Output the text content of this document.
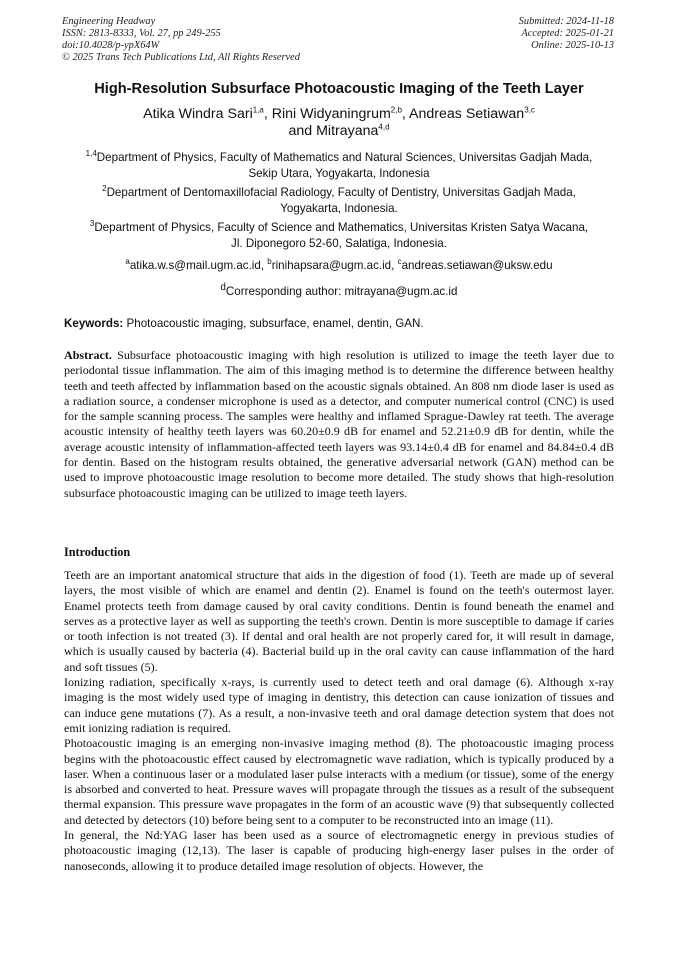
Engineering Headway
ISSN: 2813-8333, Vol. 27, pp 249-255
doi:10.4028/p-ypX64W
© 2025 Trans Tech Publications Ltd, All Rights Reserved
Submitted: 2024-11-18
Accepted: 2025-01-21
Online: 2025-10-13
High-Resolution Subsurface Photoacoustic Imaging of the Teeth Layer
Atika Windra Sari$^{1,a}$, Rini Widyaningrum$^{2,b}$, Andreas Setiawan$^{3,c}$
and Mitrayana$^{4,d}$
$^{1,4}$Department of Physics, Faculty of Mathematics and Natural Sciences, Universitas Gadjah Mada,
Sekip Utara, Yogyakarta, Indonesia
$^2$Department of Dentomaxillofacial Radiology, Faculty of Dentistry, Universitas Gadjah Mada,
Yogyakarta, Indonesia.
$^3$Department of Physics, Faculty of Science and Mathematics, Universitas Kristen Satya Wacana,
Jl. Diponegoro 52-60, Salatiga, Indonesia.
$^a$atika.w.s@mail.ugm.ac.id, $^b$rinihapsara@ugm.ac.id, $^c$andreas.setiawan@uksw.edu
$^d$Corresponding author: mitrayana@ugm.ac.id
Keywords: Photoacoustic imaging, subsurface, enamel, dentin, GAN.
Abstract. Subsurface photoacoustic imaging with high resolution is utilized to image the teeth layer due to periodontal tissue inflammation. The aim of this imaging method is to determine the difference between healthy teeth and teeth affected by inflammation based on the acoustic signals obtained. An 808 nm diode laser is used as a radiation source, a condenser microphone is used as a detector, and computer numerical control (CNC) is used for the sample scanning process. The samples were healthy and inflamed Sprague-Dawley rat teeth. The average acoustic intensity of healthy teeth layers was 60.20±0.9 dB for enamel and 52.21±0.9 dB for dentin, while the average acoustic intensity of inflammation-affected teeth layers was 93.14±0.4 dB for enamel and 84.84±0.4 dB for dentin. Based on the histogram results obtained, the generative adversarial network (GAN) method can be used to improve photoacoustic image resolution to become more detailed. The study shows that high-resolution subsurface photoacoustic imaging can be utilized to image teeth layers.
Introduction

Teeth are an important anatomical structure that aids in the digestion of food (1). Teeth are made up of several layers, the most visible of which are enamel and dentin (2). Enamel is found on the teeth's outermost layer. Enamel protects teeth from damage caused by oral cavity conditions. Dentin is found beneath the enamel and serves as a protective layer as well as supporting the teeth's crown. Dentin is more susceptible to damage if caries or tooth infection is not treated (3). If dental and oral health are not properly cared for, it will result in damage, which is usually caused by bacteria (4). Bacterial build up in the oral cavity can cause inflammation of the hard and soft tissues (5).

Ionizing radiation, specifically x-rays, is currently used to detect teeth and oral damage (6). Although x-ray imaging is the most widely used type of imaging in dentistry, this detection can cause ionization of tissues and can induce gene mutations (7). As a result, a non-invasive teeth and oral damage detection system that does not emit ionizing radiation is required.

Photoacoustic imaging is an emerging non-invasive imaging method (8). The photoacoustic imaging process begins with the photoacoustic effect caused by electromagnetic wave radiation, which is typically produced by a laser. When a continuous laser or a modulated laser pulse interacts with a medium (or tissue), some of the energy is absorbed and converted to heat. Pressure waves will propagate through the tissues as a result of the subsequent thermal expansion. This pressure wave propagates in the form of an acoustic wave (9) that subsequently collected and detected by detectors (10) before being sent to a computer to be reconstructed into an image (11).

In general, the Nd:YAG laser has been used as a source of electromagnetic energy in previous studies of photoacoustic imaging (12,13). The laser is capable of producing high-energy laser pulses in the order of nanoseconds, allowing it to produce detailed image resolution of objects. However, the
